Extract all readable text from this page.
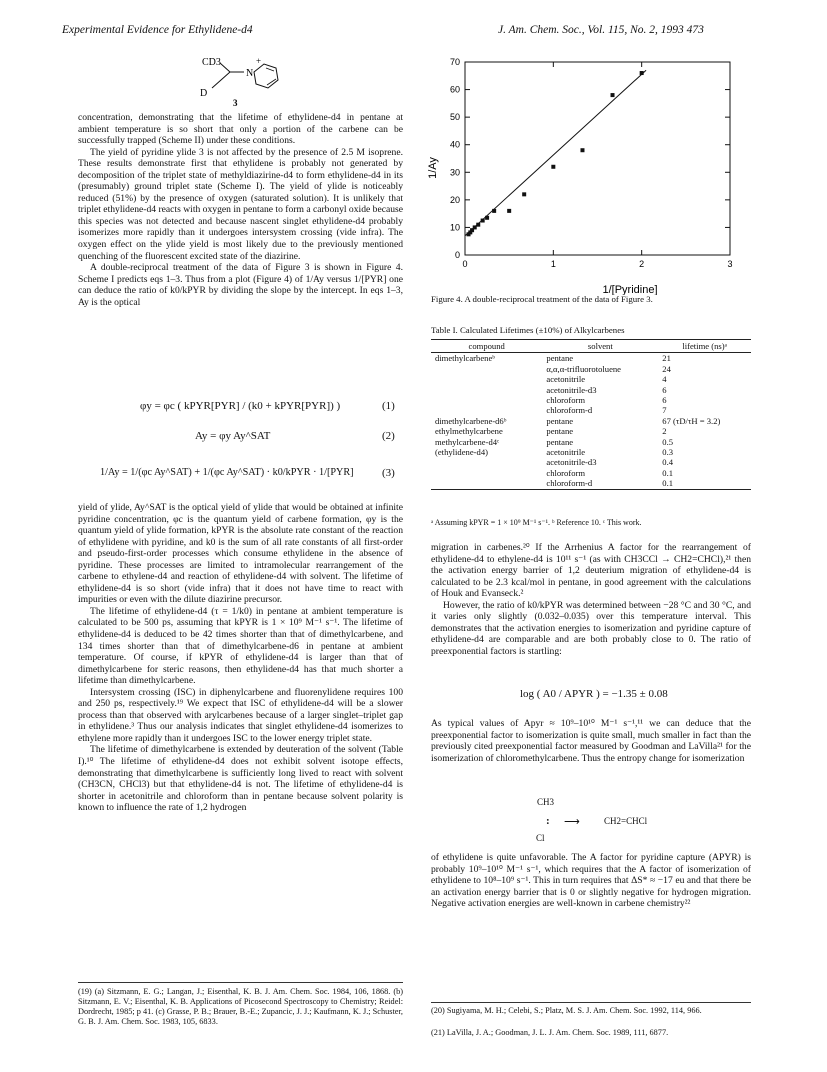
Experimental Evidence for Ethylidene-d4	J. Am. Chem. Soc., Vol. 115, No. 2, 1993 473
CD3
D
N
+
3

concentration, demonstrating that the lifetime of ethylidene-d4 in pentane at ambient temperature is so short that only a portion of the carbene can be successfully trapped (Scheme II) under these conditions.

The yield of pyridine ylide 3 is not affected by the presence of 2.5 M isoprene. These results demonstrate first that ethylidene is probably not generated by decomposition of the triplet state of methyldiazirine-d4 to form ethylidene-d4 in its (presumably) ground triplet state (Scheme I). The yield of ylide is noticeably reduced (51%) by the presence of oxygen (saturated solution). It is unlikely that triplet ethylidene-d4 reacts with oxygen in pentane to form a carbonyl oxide because this species was not detected and because nascent singlet ethylidene-d4 probably isomerizes more rapidly than it undergoes intersystem crossing (vide infra). The oxygen effect on the ylide yield is most likely due to the previously mentioned quenching of the fluorescent excited state of the diazirine.

A double-reciprocal treatment of the data of Figure 3 is shown in Figure 4. Scheme I predicts eqs 1–3. Thus from a plot (Figure 4) of 1/Ay versus 1/[PYR] one can deduce the ratio of k0/kPYR by dividing the slope by the intercept. In eqs 1–3, Ay is the optical

φy = φc ( kPYR[PYR] / (k0 + kPYR[PYR]) )	(1)
Ay = φy Ay^SAT	(2)
1/Ay = 1/(φc Ay^SAT) + 1/(φc Ay^SAT) · k0/kPYR · 1/[PYR]	(3)

yield of ylide, Ay^SAT is the optical yield of ylide that would be obtained at infinite pyridine concentration, φc is the quantum yield of carbene formation, φy is the quantum yield of ylide formation, kPYR is the absolute rate constant of the reaction of ethylidene with pyridine, and k0 is the sum of all rate constants of all first-order and pseudo-first-order processes which consume ethylidene in the absence of pyridine. These processes are limited to intramolecular rearrangement of the carbene to ethylene-d4 and reaction of ethylidene-d4 with solvent. The lifetime of ethylidene-d4 is so short (vide infra) that it does not have time to react with impurities or even with the dilute diazirine precursor.

The lifetime of ethylidene-d4 (τ = 1/k0) in pentane at ambient temperature is calculated to be 500 ps, assuming that kPYR is 1 × 10⁹ M⁻¹ s⁻¹. The lifetime of ethylidene-d4 is deduced to be 42 times shorter than that of dimethylcarbene, and 134 times shorter than that of dimethylcarbene-d6 in pentane at ambient temperature. Of course, if kPYR of ethylidene-d4 is larger than that of dimethylcarbene for steric reasons, then ethylidene-d4 has that much shorter a lifetime than dimethylcarbene.

Intersystem crossing (ISC) in diphenylcarbene and fluorenylidene requires 100 and 250 ps, respectively.¹⁹ We expect that ISC of ethylidene-d4 will be a slower process than that observed with arylcarbenes because of a larger singlet–triplet gap in ethylidene.³ Thus our analysis indicates that singlet ethylidene-d4 isomerizes to ethylene more rapidly than it undergoes ISC to the lower energy triplet state.

The lifetime of dimethylcarbene is extended by deuteration of the solvent (Table I).¹⁰ The lifetime of ethylidene-d4 does not exhibit solvent isotope effects, demonstrating that dimethylcarbene is sufficiently long lived to react with solvent (CH3CN, CHCl3) but that ethylidene-d4 is not. The lifetime of ethylidene-d4 is shorter in acetonitrile and chloroform than in pentane because solvent polarity is known to influence the rate of 1,2 hydrogen

(19) (a) Sitzmann, E. G.; Langan, J.; Eisenthal, K. B. J. Am. Chem. Soc. 1984, 106, 1868. (b) Sitzmann, E. V.; Eisenthal, K. B. Applications of Picosecond Spectroscopy to Chemistry; Reidel: Dordrecht, 1985; p 41. (c) Grasse, P. B.; Brauer, B.-E.; Zupancic, J. J.; Kaufmann, K. J.; Schuster, G. B. J. Am. Chem. Soc. 1983, 105, 6833.
0
10
20
30
40
50
60
70
0	1	2	3
1/[Pyridine]
1/Ay
Figure 4. A double-reciprocal treatment of the data of Figure 3.
Table I. Calculated Lifetimes (±10%) of Alkylcarbenes
compound	solvent	lifetime (ns)ᵃ
dimethylcarbeneᵇ	pentane	21
	α,α,α-trifluorotoluene	24
	acetonitrile	4
	acetonitrile-d3	6
	chloroform	6
	chloroform-d	7
dimethylcarbene-d6ᵇ	pentane	67 (τD/τH = 3.2)
ethylmethylcarbene	pentane	2
methylcarbene-d4ᶜ	pentane	0.5
(ethylidene-d4)	acetonitrile	0.3
	acetonitrile-d3	0.4
	chloroform	0.1
	chloroform-d	0.1
ᵃ Assuming kPYR = 1 × 10⁹ M⁻¹ s⁻¹. ᵇ Reference 10. ᶜ This work.

migration in carbenes.²⁰ If the Arrhenius A factor for the rearrangement of ethylidene-d4 to ethylene-d4 is 10¹¹ s⁻¹ (as with CH3CCl → CH2=CHCl),²¹ then the activation energy barrier of 1,2 deuterium migration of ethylidene-d4 is calculated to be 2.3 kcal/mol in pentane, in good agreement with the calculations of Houk and Evanseck.²

However, the ratio of k0/kPYR was determined between −28 °C and 30 °C, and it varies only slightly (0.032–0.035) over this temperature interval. This demonstrates that the activation energies to isomerization and pyridine capture of ethylidene-d4 are comparable and are both probably close to 0. The ratio of preexponential factors is startling:

log ( A0 / APYR ) = −1.35 ± 0.08

As typical values of Apyr ≈ 10⁹–10¹⁰ M⁻¹ s⁻¹,¹¹ we can deduce that the preexponential factor to isomerization is quite small, much smaller in fact than the previously cited preexponential factor measured by Goodman and LaVilla²¹ for the isomerization of chloromethylcarbene. Thus the entropy change for isomerization

CH3
:
Cl
⟶	CH2=CHCl

of ethylidene is quite unfavorable. The A factor for pyridine capture (APYR) is probably 10⁹–10¹⁰ M⁻¹ s⁻¹, which requires that the A factor of isomerization of ethylidene to 10⁸–10⁹ s⁻¹. This in turn requires that ΔS* ≈ −17 eu and that there be an activation energy barrier that is 0 or slightly negative for hydrogen migration. Negative activation energies are well-known in carbene chemistry²²

(20) Sugiyama, M. H.; Celebi, S.; Platz, M. S. J. Am. Chem. Soc. 1992, 114, 966.
(21) LaVilla, J. A.; Goodman, J. L. J. Am. Chem. Soc. 1989, 111, 6877.
